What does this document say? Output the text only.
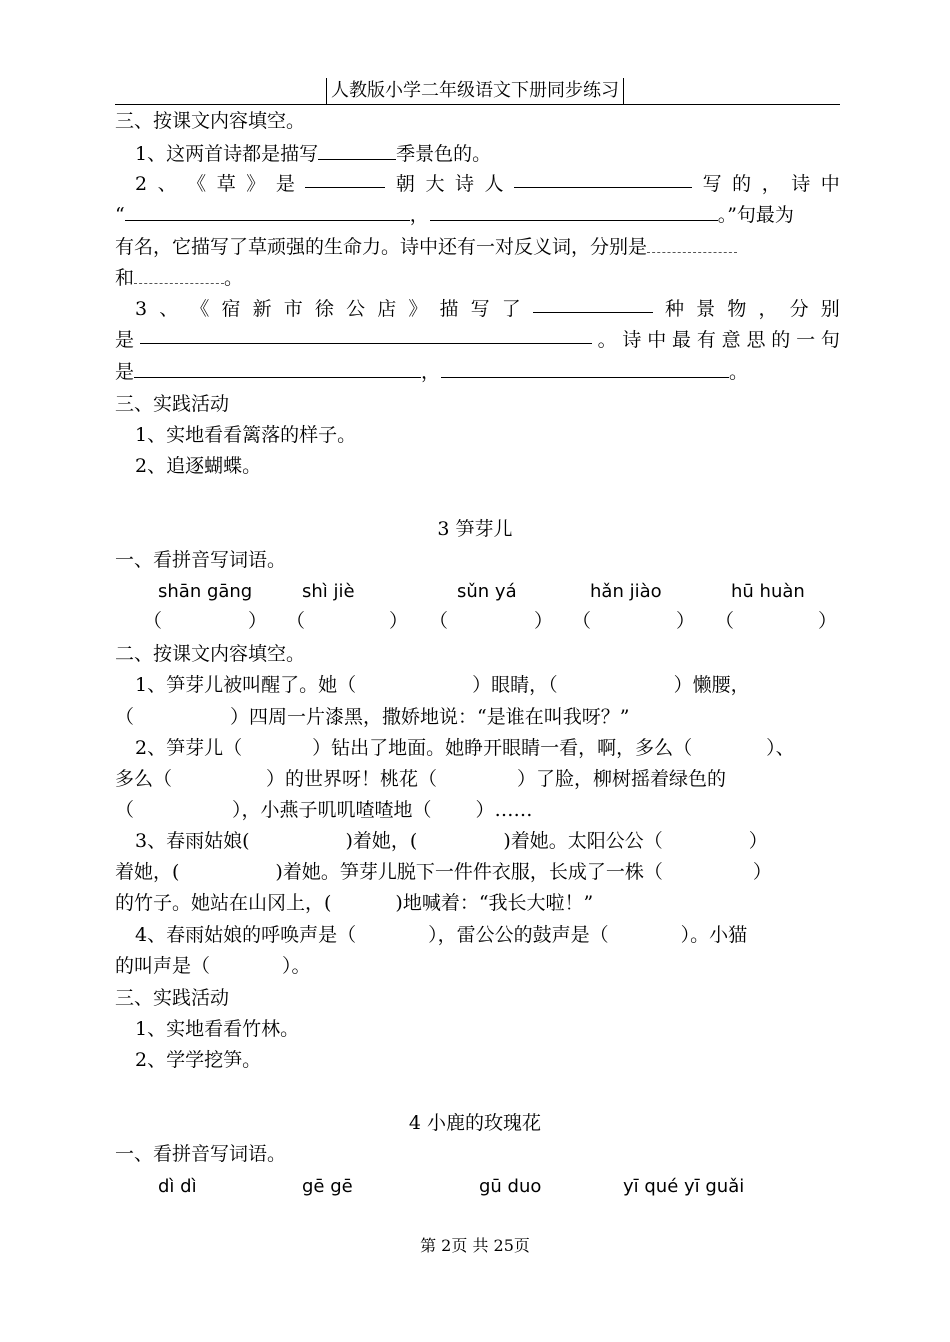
人教版小学二年级语文下册同步练习
三、按课文内容填空。
1、这两首诗都是描写	季景色的。
2 、 《 草 》 是	朝 大 诗 人	写 的 ， 诗 中
“	，	。”句最为
有名，它描写了草顽强的生命力。诗中还有一对反义词，分别是
和	。
3 、 《 宿 新 市 徐 公 店 》 描 写 了	种 景 物 ， 分 别
是	。 诗 中 最 有 意 思 的 一 句
是	，	。
三、实践活动
1、实地看看篱落的样子。
2、追逐蝴蝶。
3 笋芽儿
一、看拼音写词语。
shān gāng	shì jiè	sǔn yá	hǎn jiào	hū huàn
（	） （	） （	） （	） （	）
二、按课文内容填空。
1、笋芽儿被叫醒了。她（	）眼睛，（	）懒腰，
（	）四周一片漆黑，撒娇地说：“是谁在叫我呀？”
2、笋芽儿（	）钻出了地面。她睁开眼睛一看，啊，多么（	）、
多么（	）的世界呀！桃花（	）了脸，柳树摇着绿色的
（	），小燕子叽叽喳喳地（ ）……
3、春雨姑娘(	)着她，(	)着她。太阳公公（	）
着她，(	)着她。笋芽儿脱下一件件衣服，长成了一株（	）
的竹子。她站在山冈上，(	)地喊着：“我长大啦！”
4、春雨姑娘的呼唤声是（	），雷公公的鼓声是（	）。小猫
的叫声是（	）。
三、实践活动
1、实地看看竹林。
2、学学挖笋。
4 小鹿的玫瑰花
一、看拼音写词语。
dì dì	gē gē	gū duo	yī qué yī guǎi
第 2页 共 25页
